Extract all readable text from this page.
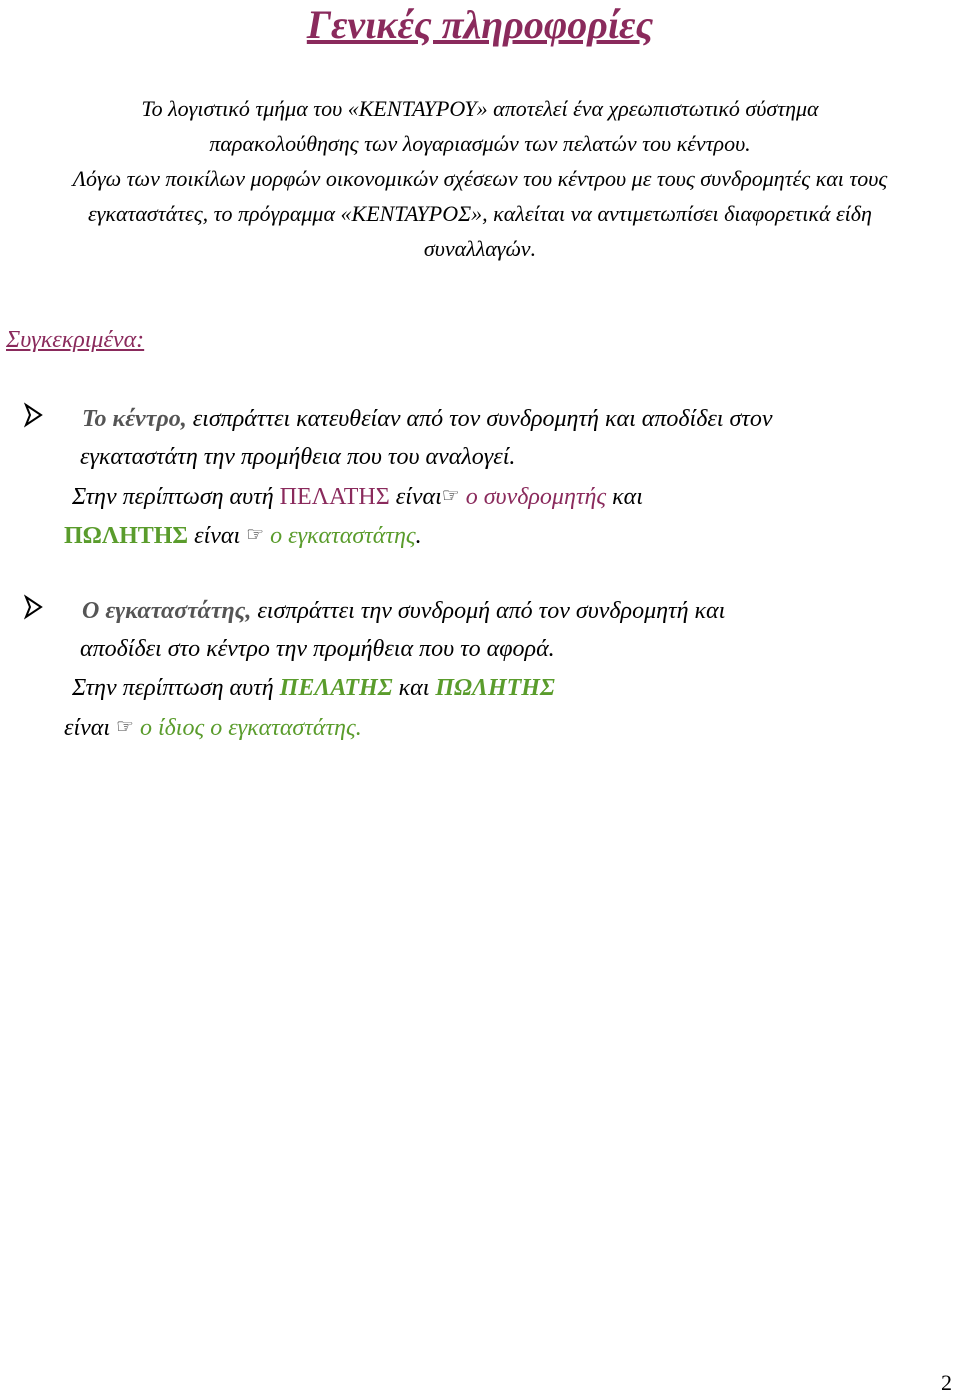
Γενικές πληροφορίες

Το λογιστικό τμήμα του «ΚΕΝΤΑΥΡΟΥ» αποτελεί ένα χρεωπιστωτικό σύστημα

παρακολούθησης των λογαριασμών των πελατών του κέντρου.

Λόγω των ποικίλων μορφών οικονομικών σχέσεων του κέντρου με τους συνδρομητές και τους

εγκαταστάτες, το πρόγραμμα «ΚΕΝΤΑΥΡΟΣ», καλείται να αντιμετωπίσει διαφορετικά είδη

συναλλαγών.

Συγκεκριμένα:
Το κέντρο, εισπράττει κατευθείαν από τον συνδρομητή και αποδίδει στον
εγκαταστάτη την προμήθεια που του αναλογεί.
Στην περίπτωση αυτή ΠΕΛΑΤΗΣ είναι☞ ο συνδρομητής και
ΠΩΛΗΤΗΣ είναι ☞ ο εγκαταστάτης.
Ο εγκαταστάτης, εισπράττει την συνδρομή από τον συνδρομητή και
αποδίδει στο κέντρο την προμήθεια που το αφορά.
Στην περίπτωση αυτή ΠΕΛΑΤΗΣ και ΠΩΛΗΤΗΣ
είναι ☞ ο ίδιος ο εγκαταστάτης.
2
